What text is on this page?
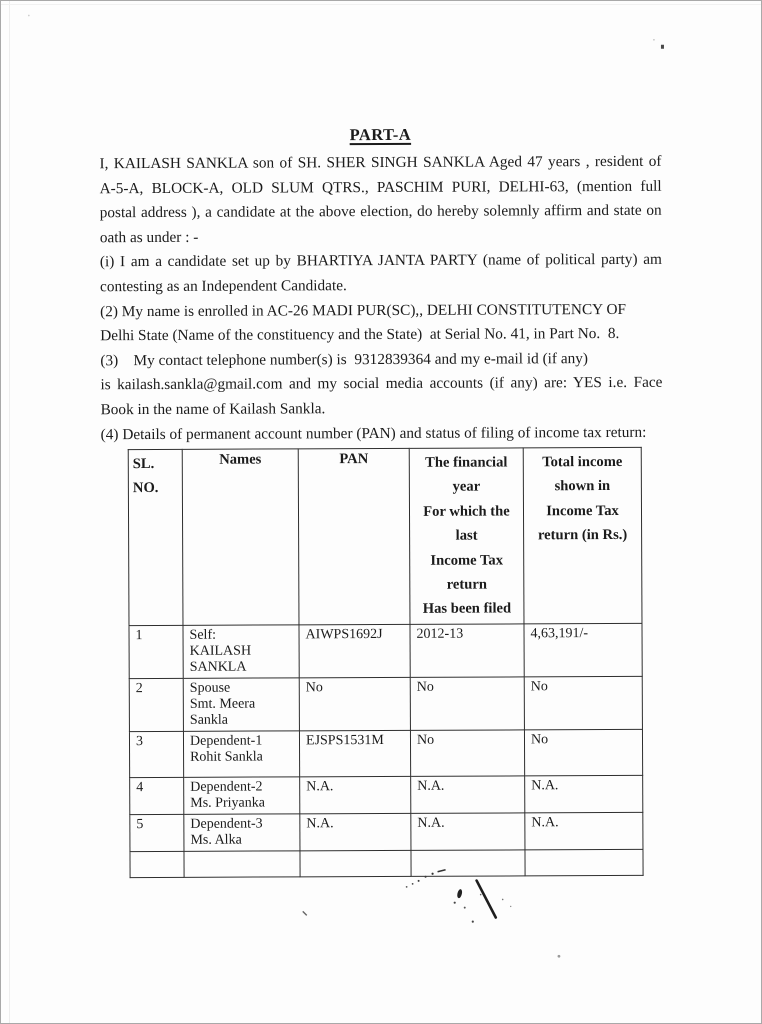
PART-A
I, KAILASH SANKLA son of SH. SHER SINGH SANKLA Aged 47 years , resident of
A-5-A, BLOCK-A, OLD SLUM QTRS., PASCHIM PURI, DELHI-63, (mention full
postal address ), a candidate at the above election, do hereby solemnly affirm and state on
oath as under : -
(i) I am a candidate set up by BHARTIYA JANTA PARTY (name of political party) am
contesting as an Independent Candidate.
(2) My name is enrolled in AC-26 MADI PUR(SC),, DELHI CONSTITUTENCY OF
Delhi State (Name of the constituency and the State)  at Serial No. 41, in Part No.  8.
(3)    My contact telephone number(s) is  9312839364 and my e-mail id (if any)
is kailash.sankla@gmail.com and my social media accounts (if any) are: YES i.e. Face
Book in the name of Kailash Sankla.
(4) Details of permanent account number (PAN) and status of filing of income tax return:
SL.
NO.	Names	PAN	The financial
year
For which the
last
Income Tax
return
Has been filed	Total income
shown in
Income Tax
return (in Rs.)
1	Self:
KAILASH
SANKLA	AIWPS1692J	2012-13	4,63,191/-
2	Spouse
Smt. Meera
Sankla	No	No	No
3	Dependent-1
Rohit Sankla	EJSPS1531M	No	No
4	Dependent-2
Ms. Priyanka	N.A.	N.A.	N.A.
5	Dependent-3
Ms. Alka	N.A.	N.A.	N.A.
